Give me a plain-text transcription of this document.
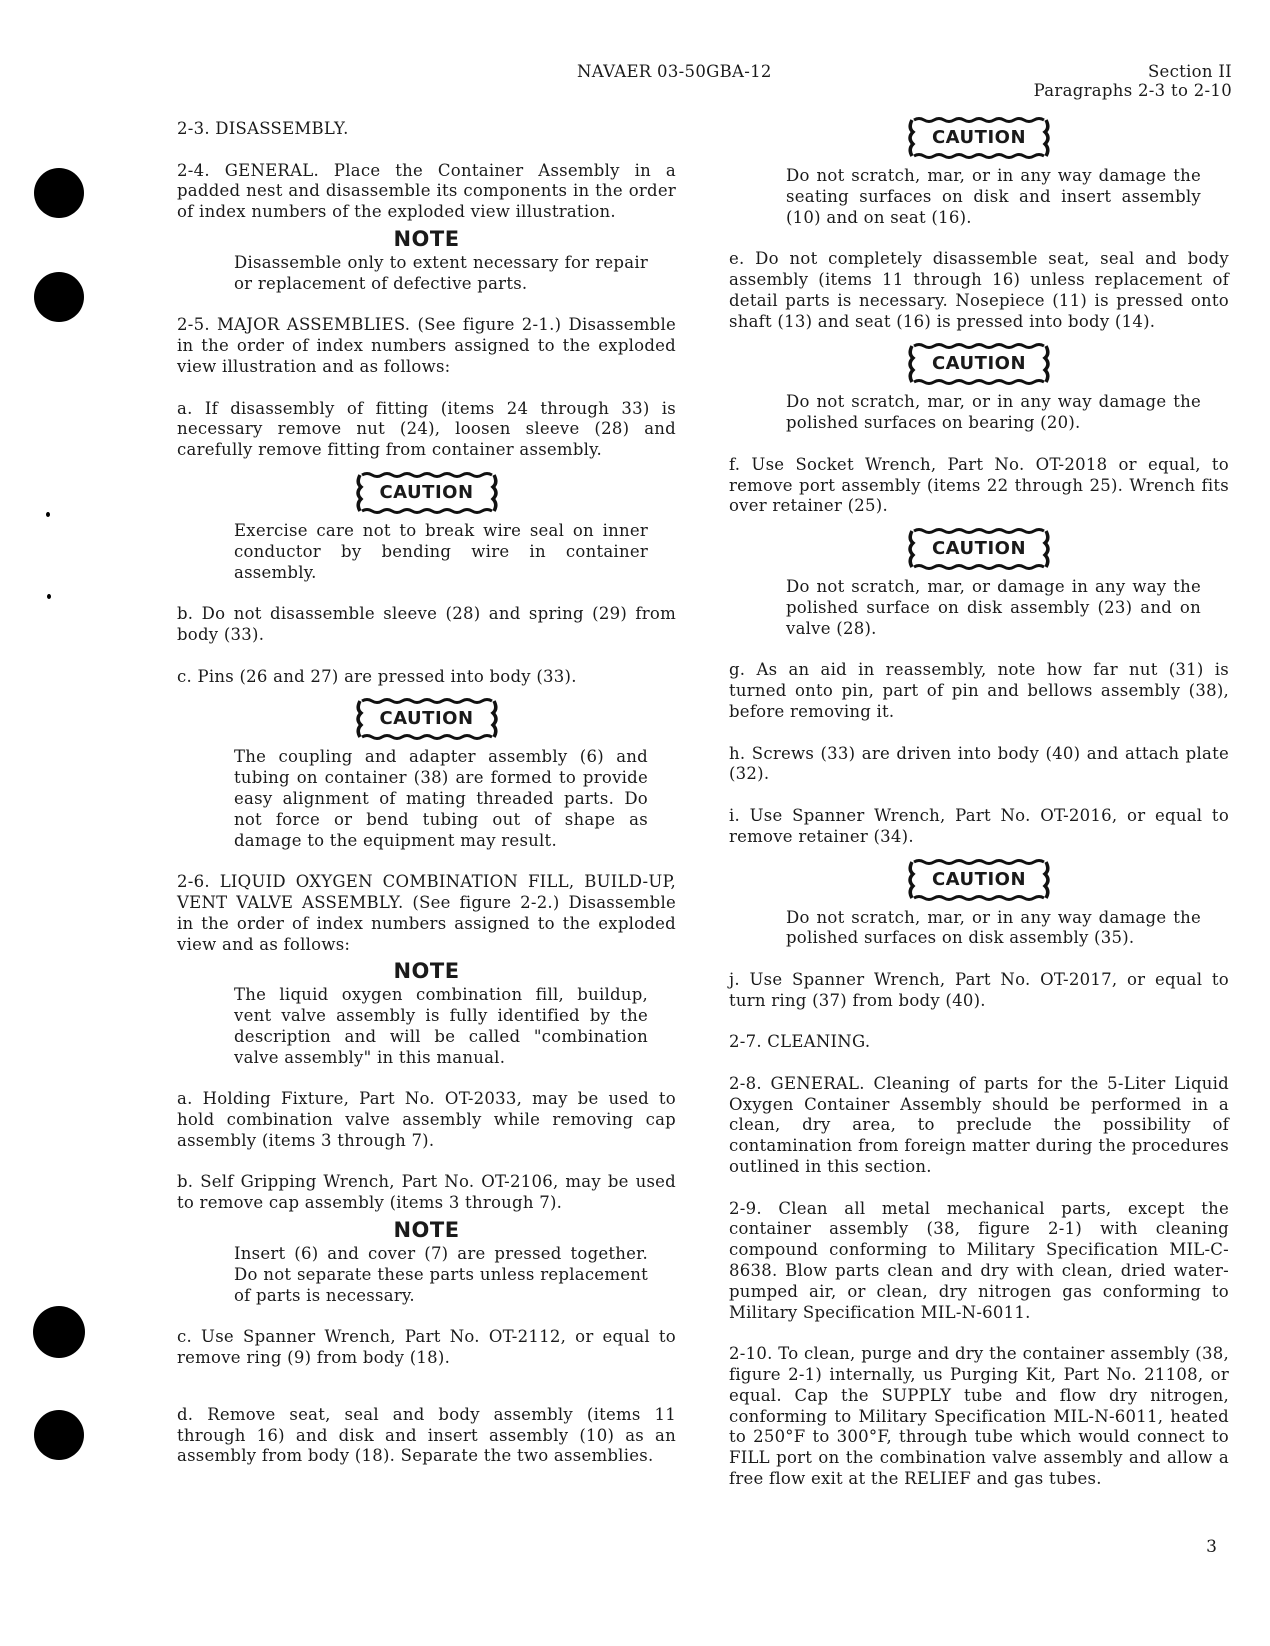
NAVAER 03-50GBA-12	Section II
Paragraphs 2-3 to 2-10

2-3. DISASSEMBLY.

2-4. GENERAL. Place the Container Assembly in a padded nest and disassemble its components in the order of index numbers of the exploded view illustration.

NOTE

Disassemble only to extent necessary for repair or replacement of defective parts.

2-5. MAJOR ASSEMBLIES. (See figure 2-1.) Disassemble in the order of index numbers assigned to the exploded view illustration and as follows:

a. If disassembly of fitting (items 24 through 33) is necessary remove nut (24), loosen sleeve (28) and carefully remove fitting from container assembly.

CAUTION

Exercise care not to break wire seal on inner conductor by bending wire in container assembly.

b. Do not disassemble sleeve (28) and spring (29) from body (33).

c. Pins (26 and 27) are pressed into body (33).

CAUTION

The coupling and adapter assembly (6) and tubing on container (38) are formed to provide easy alignment of mating threaded parts. Do not force or bend tubing out of shape as damage to the equipment may result.

2-6. LIQUID OXYGEN COMBINATION FILL, BUILD-UP, VENT VALVE ASSEMBLY. (See figure 2-2.) Disassemble in the order of index numbers assigned to the exploded view and as follows:

NOTE

The liquid oxygen combination fill, buildup, vent valve assembly is fully identified by the description and will be called "combination valve assembly" in this manual.

a. Holding Fixture, Part No. OT-2033, may be used to hold combination valve assembly while removing cap assembly (items 3 through 7).

b. Self Gripping Wrench, Part No. OT-2106, may be used to remove cap assembly (items 3 through 7).

NOTE

Insert (6) and cover (7) are pressed together. Do not separate these parts unless replacement of parts is necessary.

c. Use Spanner Wrench, Part No. OT-2112, or equal to remove ring (9) from body (18).

d. Remove seat, seal and body assembly (items 11 through 16) and disk and insert assembly (10) as an assembly from body (18). Separate the two assemblies.

CAUTION

Do not scratch, mar, or in any way damage the seating surfaces on disk and insert assembly (10) and on seat (16).

e. Do not completely disassemble seat, seal and body assembly (items 11 through 16) unless replacement of detail parts is necessary. Nosepiece (11) is pressed onto shaft (13) and seat (16) is pressed into body (14).

CAUTION

Do not scratch, mar, or in any way damage the polished surfaces on bearing (20).

f. Use Socket Wrench, Part No. OT-2018 or equal, to remove port assembly (items 22 through 25). Wrench fits over retainer (25).

CAUTION

Do not scratch, mar, or damage in any way the polished surface on disk assembly (23) and on valve (28).

g. As an aid in reassembly, note how far nut (31) is turned onto pin, part of pin and bellows assembly (38), before removing it.

h. Screws (33) are driven into body (40) and attach plate (32).

i. Use Spanner Wrench, Part No. OT-2016, or equal to remove retainer (34).

CAUTION

Do not scratch, mar, or in any way damage the polished surfaces on disk assembly (35).

j. Use Spanner Wrench, Part No. OT-2017, or equal to turn ring (37) from body (40).

2-7. CLEANING.

2-8. GENERAL. Cleaning of parts for the 5-Liter Liquid Oxygen Container Assembly should be performed in a clean, dry area, to preclude the possibility of contamination from foreign matter during the procedures outlined in this section.

2-9. Clean all metal mechanical parts, except the container assembly (38, figure 2-1) with cleaning compound conforming to Military Specification MIL-C-8638. Blow parts clean and dry with clean, dried water-pumped air, or clean, dry nitrogen gas conforming to Military Specification MIL-N-6011.

2-10. To clean, purge and dry the container assembly (38, figure 2-1) internally, us Purging Kit, Part No. 21108, or equal. Cap the SUPPLY tube and flow dry nitrogen, conforming to Military Specification MIL-N-6011, heated to 250°F to 300°F, through tube which would connect to FILL port on the combination valve assembly and allow a free flow exit at the RELIEF and gas tubes.

3
